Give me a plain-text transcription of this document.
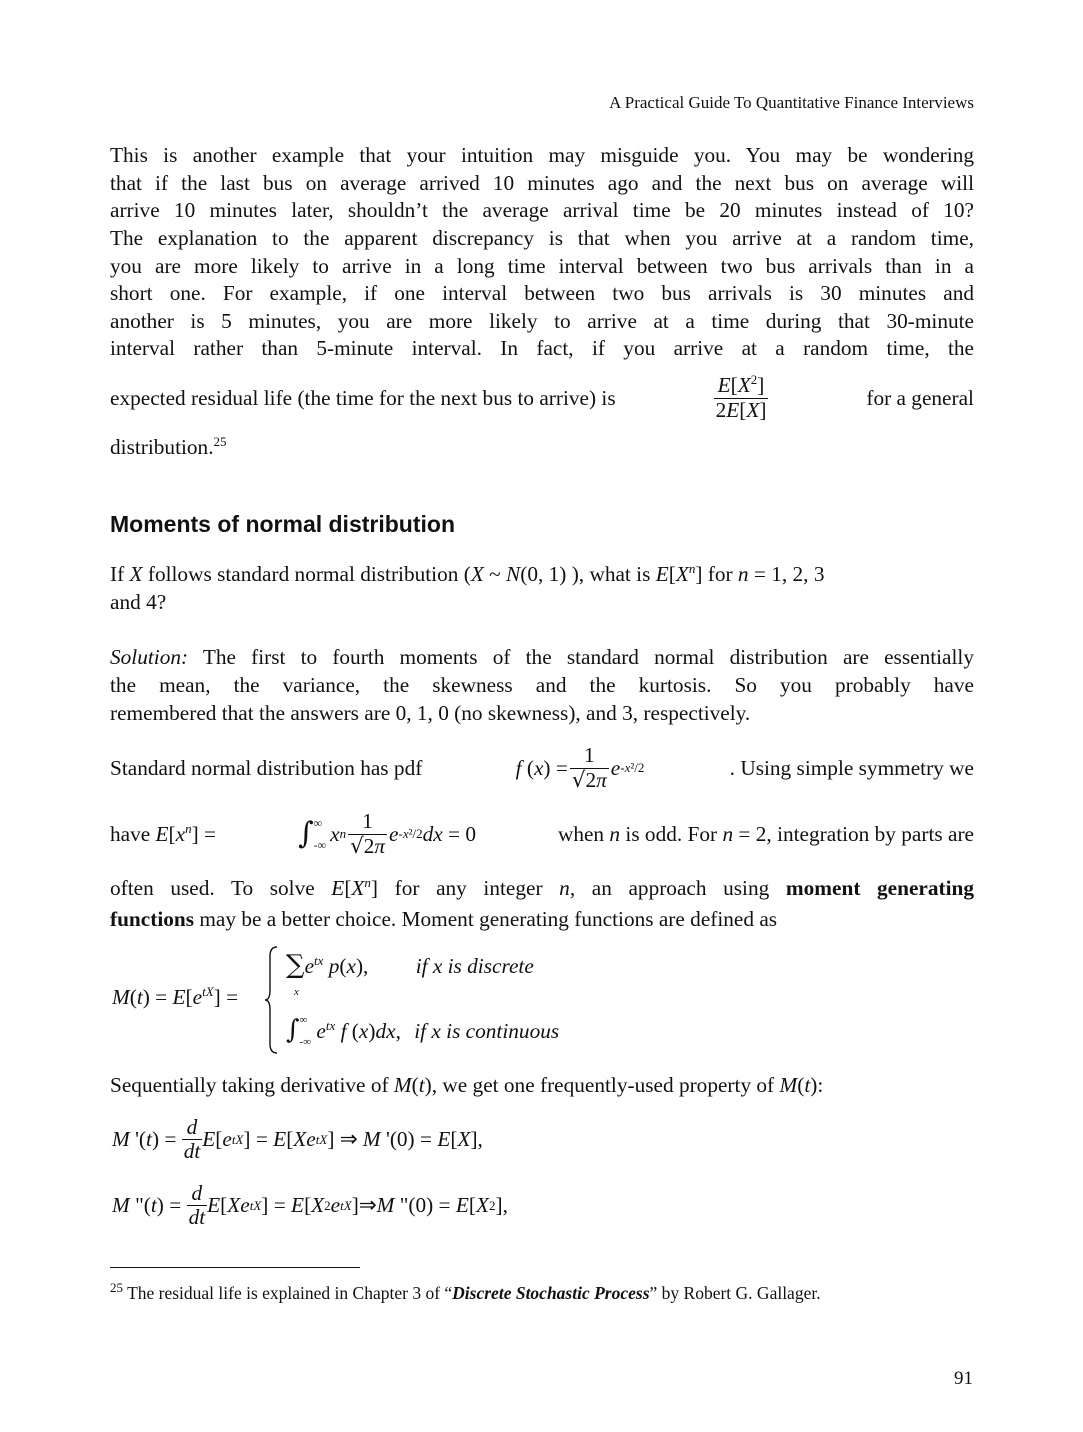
A Practical Guide To Quantitative Finance Interviews
This is another example that your intuition may misguide you. You may be wondering
that if the last bus on average arrived 10 minutes ago and the next bus on average will
arrive 10 minutes later, shouldn’t the average arrival time be 20 minutes instead of 10?
The explanation to the apparent discrepancy is that when you arrive at a random time,
you are more likely to arrive in a long time interval between two bus arrivals than in a
short one. For example, if one interval between two bus arrivals is 30 minutes and
another is 5 minutes, you are more likely to arrive at a time during that 30-minute
interval rather than 5-minute interval. In fact, if you arrive at a random time, the
expected residual life (the time for the next bus to arrive) is	$\frac{E[X^2]}{2E[X]}$	for a general
distribution.$^{25}$
Moments of normal distribution
If X follows standard normal distribution (X ~ N(0, 1) ), what is $E[X^n]$ for n = 1, 2, 3
and 4?
Solution: The first to fourth moments of the standard normal distribution are essentially
the mean, the variance, the skewness and the kurtosis. So you probably have
remembered that the answers are 0, 1, 0 (no skewness), and 3, respectively.
Standard normal distribution has pdf	f ( x ) = $\frac{1}{√2\pi}$ e -x²/2	. Using simple symmetry we
have $E[x^n]$ =	∫ ∞
-∞ x n $\frac{1}{√2\pi}$ e -x²/2 dx = 0	when n is odd. For n = 2, integration by parts are
often used. To solve $E[X^n]$ for any integer n, an approach using moment generating
functions may be a better choice. Moment generating functions are defined as
$M(t) = E[e^{tX}]$ =
$\sum e^{tx}$ p(x), if x is discrete
x
∫∞

-∞ $e^{tx}$ f (x)dx, if x is continuous
Sequentially taking derivative of M(t), we get one frequently-used property of M(t):
M '( t ) = $\frac{d}{dt}$ E [ e tX ] = E [ Xe tX ] ⇒ M '(0) = E [ X ],
M "( t ) = $\frac{d}{dt}$ E [ Xe tX ] = E [ X 2 e tX ]⇒ M "(0) = E [ X 2 ],
$^{25}$ The residual life is explained in Chapter 3 of “Discrete Stochastic Process” by Robert G. Gallager.
91
